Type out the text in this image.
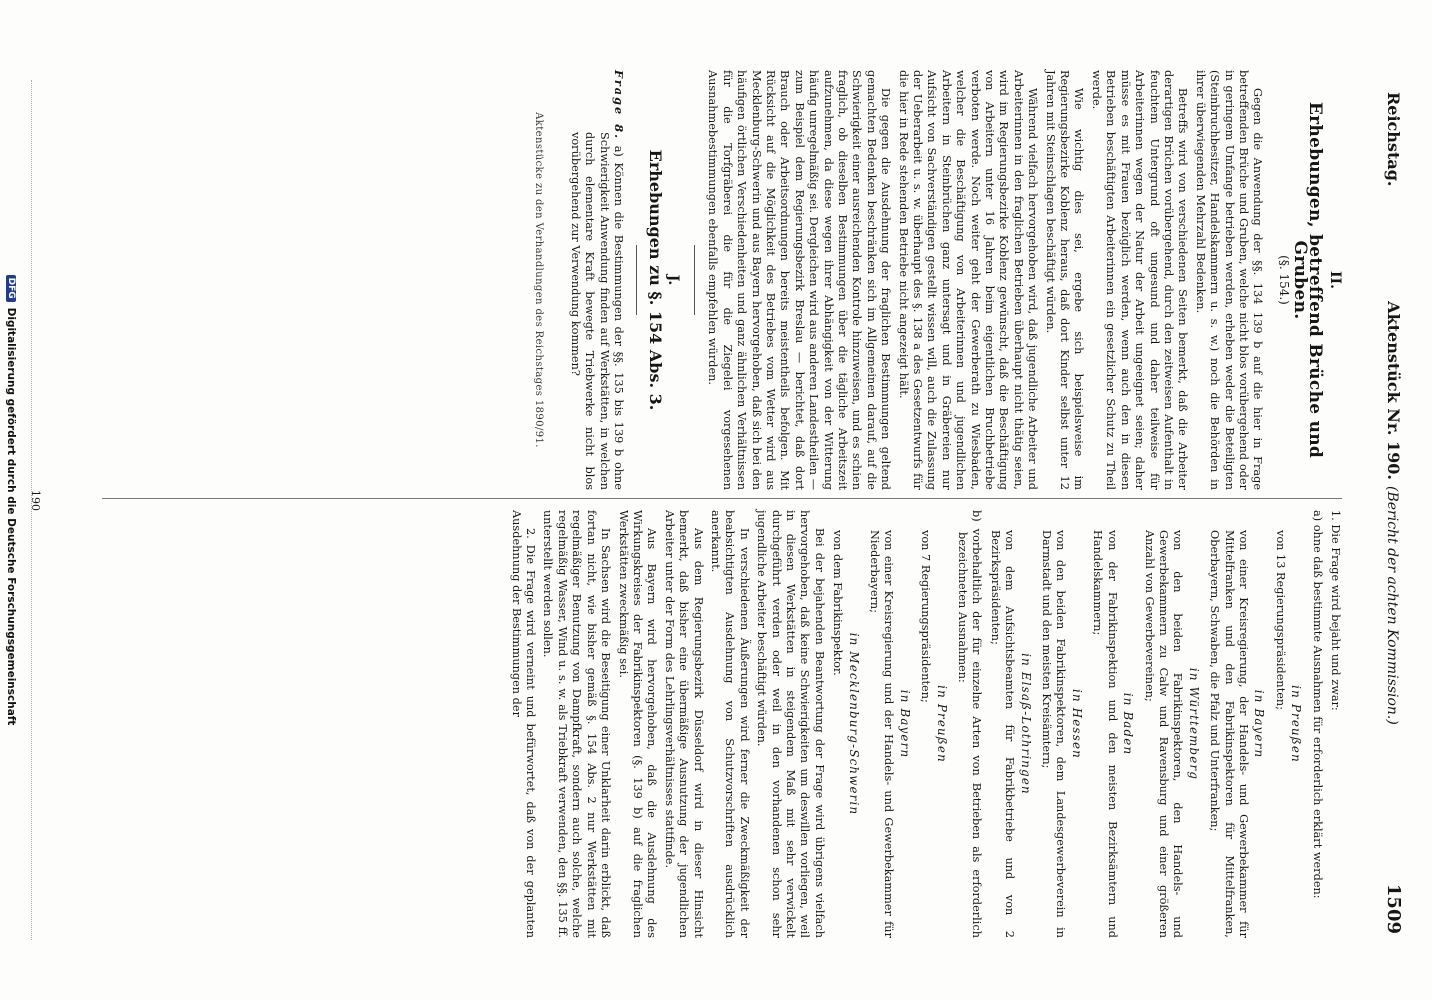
Reichstag.
Aktenstück Nr. 190.(Bericht der achten Kommission.)
1509
II.
Erhebungen, betreffend Brüche und Gruben.
(§. 154.)

Gegen die Anwendung der §§. 134 139 b auf die hier in Frage betreffenden Brüche und Gruben, welche nicht blos vorübergehend oder in geringem Umfange betrieben werden, erheben weder die Beteiligten (Steinbruchbesitzer, Handelskammern u. s. w.) noch die Behörden in ihrer überwiegenden Mehrzahl Bedenken.

Betreffs wird von verschiedenen Seiten bemerkt, daß die Arbeiter derartigen Brüchen vorübergehend, durch den zeitweisen Aufenthalt in feuchtem Untergrund oft ungesund und daher teilweise für Arbeiterinnen wegen der Natur der Arbeit ungeeignet seien; daher müsse es mit Frauen bezüglich werden, wenn auch den in diesen Betrieben beschäftigten Arbeiterinnen ein gesetzlicher Schutz zu Theil werde.

Wie wichtig dies sei, ergebe sich beispielsweise im Regierungsbezirke Koblenz heraus, daß dort Kinder selbst unter 12 Jahren mit Steinschlagen beschäftigt würden.

Während vielfach hervorgehoben wird, daß jugendliche Arbeiter und Arbeiterinnen in den fraglichen Betrieben überhaupt nicht thätig seien, wird im Regierungsbezirke Koblenz gewünscht, daß die Beschäftigung von Arbeitern unter 16 Jahren beim eigentlichen Bruchbetriebe verboten werde. Noch weiter geht der Gewerberath zu Wiesbaden, welcher die Beschäftigung von Arbeiterinnen und jugendlichen Arbeitern in Steinbrüchen ganz untersagt und in Gräbereien nur Aufsicht von Sachverständigen gestellt wissen will, auch die Zulassung der Ueberarbeit u. s. w. überhaupt des §. 138 a des Gesetzentwurfs für die hier in Rede stehenden Betriebe nicht angezeigt hält.

Die gegen die Ausdehnung der fraglichen Bestimmungen geltend gemachten Bedenken beschränken sich im Allgemeinen darauf, auf die Schwierigkeit einer ausreichenden Kontrole hinzuweisen, und es schien fraglich, ob dieselben Bestimmungen über die tägliche Arbeitszeit aufzunehmen, da diese wegen ihrer Abhängigkeit von der Witterung häufig unregelmäßig sei. Dergleichen wird aus anderen Landestheilen — zum Beispiel dem Regierungsbezirk Breslau — berichtet, daß dort Brauch oder Arbeitsordnungen bereits meistentheils befolgen. Mit Rücksicht auf die Möglichkeit des Betriebes vom Wetter wird aus Mecklenburg-Schwerin und aus Bayern hervorgehoben, daß sich bei den häufigen örtlichen Verschiedenheiten und ganz ähnlichen Verhältnissen für die Torfgräberei die für die Ziegelei vorgesehenen Ausnahmebestimmungen ebenfalls empfehlen würden.

J.
Erhebungen zu §. 154 Abs. 3.

Frage 8. a) Können die Bestimmungen der §§. 135 bis 139 b ohne Schwierigkeit Anwendung finden auf Werkstätten, in welchen durch elementare Kraft bewegte Triebwerke nicht blos vorübergehend zur Verwendung kommen?

Aktenstücke zu den Verhandlungen des Reichstages 1890/91.

1. Die Frage wird bejaht und zwar:

a) ohne daß bestimmte Ausnahmen für erforderlich erklärt werden:

in Preußen
von 13 Regierungspräsidenten;
in Bayern
von einer Kreisregierung, der Handels- und Gewerbekammer für Mittelfranken und den Fabrikinspektoren für Mittelfranken, Oberbayern, Schwaben, die Pfalz und Unterfranken;
in Württemberg
von den beiden Fabrikinspektoren, den Handels- und Gewerbekammern zu Calw und Ravensburg und einer größeren Anzahl von Gewerbevereinen;
in Baden
von der Fabrikinspektion und den meisten Bezirksämtern und Handelskammern;
in Hessen
von den beiden Fabrikinspektoren, dem Landesgewerbeverein in Darmstadt und den meisten Kreisämtern;
in Elsaß-Lothringen
von dem Aufsichtsbeamten für Fabrikbetriebe und von 2 Bezirkspräsidenten;

b) vorbehaltlich der für einzelne Arten von Betrieben als erforderlich bezeichneten Ausnahmen:

in Preußen
von 7 Regierungspräsidenten;
in Bayern
von einer Kreisregierung und der Handels- und Gewerbekammer für Niederbayern;
in Mecklenburg-Schwerin
von dem Fabrikinspektor.

Bei der bejahenden Beantwortung der Frage wird übrigens vielfach hervorgehoben, daß keine Schwierigkeiten um deswillen vorliegen, weil in diesen Werkstätten in steigendem Maß mit sehr verwickelt durchgeführt verden oder weil in den vorhandenen schon sehr jugendliche Arbeiter beschäftigt würden.

In verschiedenen Äußerungen wird ferner die Zweckmäßigkeit der beabsichtigten Ausdehnung von Schutzvorschriften ausdrücklich anerkannt.

Aus dem Regierungsbezirk Düsseldorf wird in dieser Hinsicht bemerkt, daß bisher eine übermäßige Ausnutzung der jugendlichen Arbeiter unter der Form des Lehrlingsverhältnisses stattfinde.

Aus Bayern wird hervorgehoben, daß die Ausdehnung des Wirkungskreises der Fabrikinspektoren (§. 139 b) auf die fraglichen Werkstätten zweckmäßig sei.

In Sachsen wird die Beseitigung einer Unklarheit darin erblickt, daß fortan nicht, wie bisher gemäß §. 154 Abs. 2 nur Werkstätten mit regelmäßiger Benutzung von Dampfkraft, sondern auch solche, welche regelmäßig Wasser, Wind u. s. w. als Triebkraft verwenden, den §§. 135 ff. unterstellt werden sollen.

2. Die Frage wird verneint und befürwortet, daß von der geplanten Ausdehnung der Bestimmungen der

190
DFG
Digitalisierung gefördert durch die Deutsche Forschungsgemeinschaft
